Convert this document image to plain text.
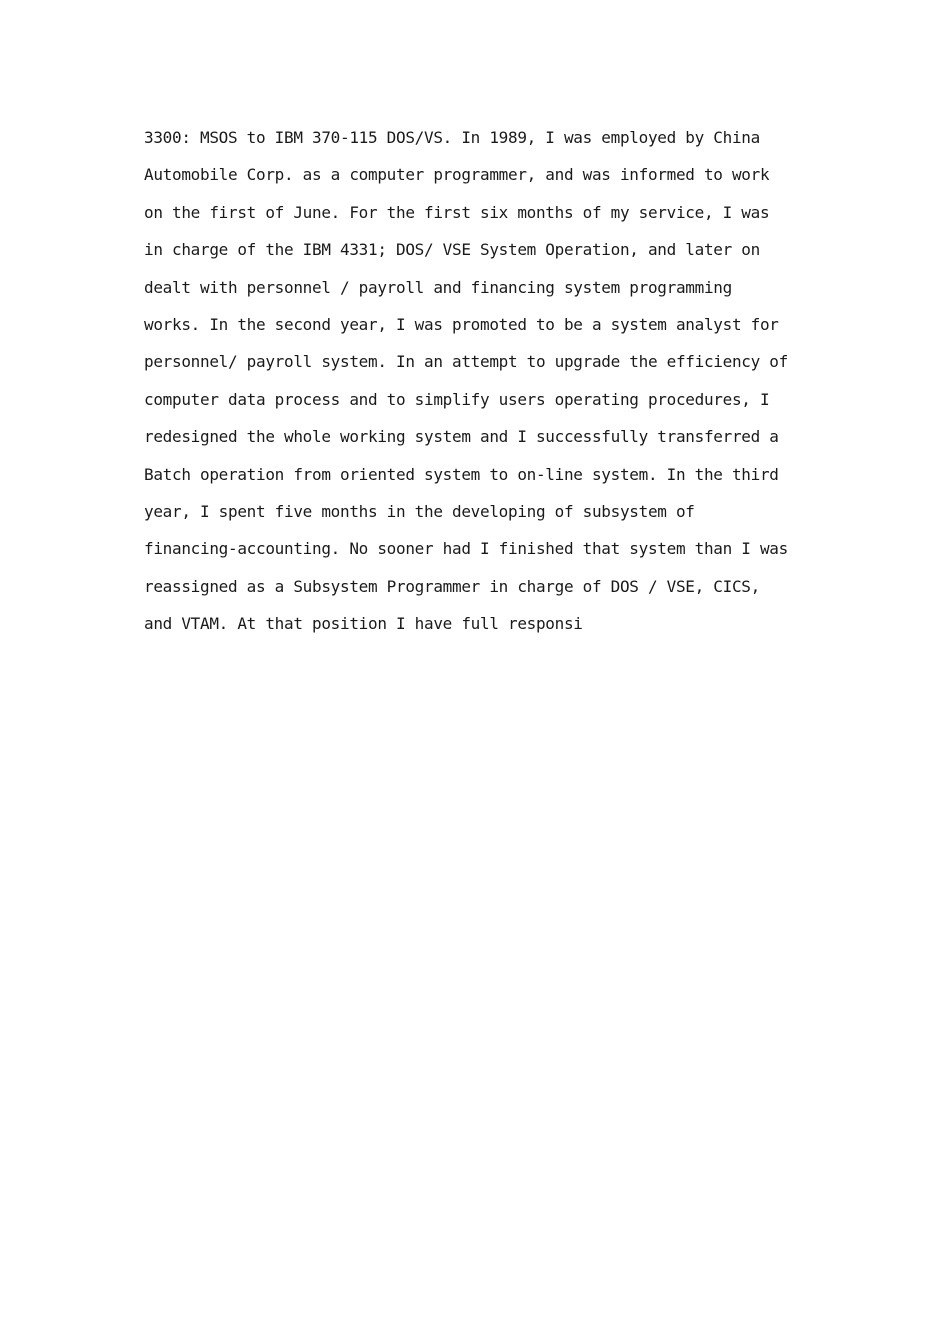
3300: MSOS to IBM 370-115 DOS/VS. In 1989, I was employed by China
Automobile Corp. as a computer programmer, and was informed to work
on the first of June. For the first six months of my service, I was
in charge of the IBM 4331; DOS/ VSE System Operation, and later on
dealt with personnel / payroll and financing system programming
works. In the second year, I was promoted to be a system analyst for
personnel/ payroll system. In an attempt to upgrade the efficiency of
computer data process and to simplify users operating procedures, I
redesigned the whole working system and I successfully transferred a
Batch operation from oriented system to on-line system. In the third
year, I spent five months in the developing of subsystem of
financing-accounting. No sooner had I finished that system than I was
reassigned as a Subsystem Programmer in charge of DOS / VSE, CICS,
and VTAM. At that position I have full responsi
